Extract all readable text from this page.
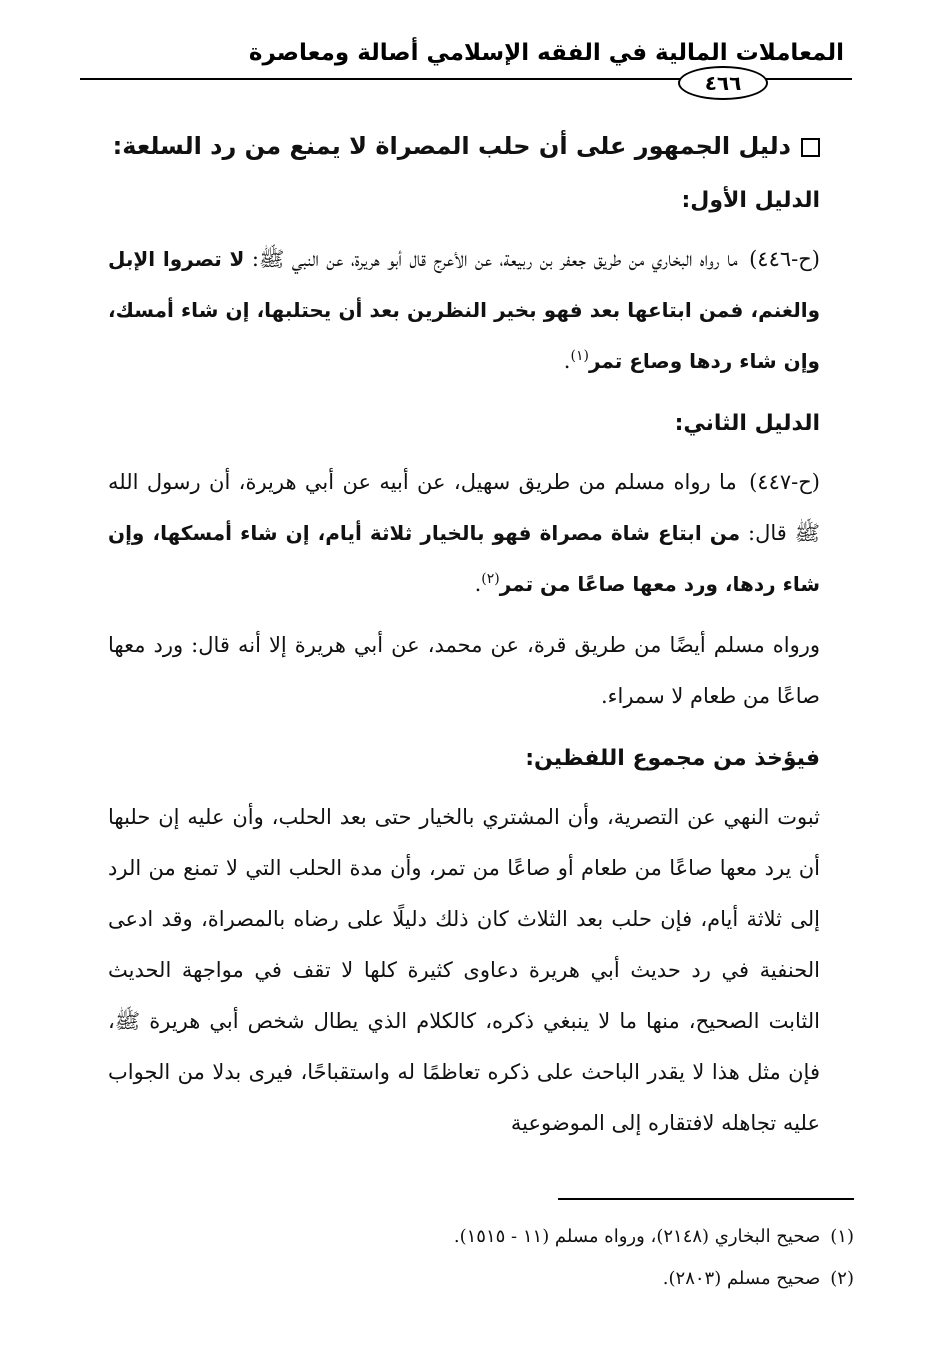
المعاملات المالية في الفقه الإسلامي أصالة ومعاصرة
٤٦٦

دليل الجمهور على أن حلب المصراة لا يمنع من رد السلعة:

الدليل الأول:

(ح-٤٤٦) ما رواه البخاري من طريق جعفر بن ربيعة، عن الأعرج قال أبو هريرة، عن النبي ﷺ: لا تصروا الإبل والغنم، فمن ابتاعها بعد فهو بخير النظرين بعد أن يحتلبها، إن شاء أمسك، وإن شاء ردها وصاع تمر$^{(١)}$.

الدليل الثاني:

(ح-٤٤٧) ما رواه مسلم من طريق سهيل، عن أبيه عن أبي هريرة، أن رسول الله ﷺ قال: من ابتاع شاة مصراة فهو بالخيار ثلاثة أيام، إن شاء أمسكها، وإن شاء ردها، ورد معها صاعًا من تمر$^{(٢)}$.

ورواه مسلم أيضًا من طريق قرة، عن محمد، عن أبي هريرة إلا أنه قال: ورد معها صاعًا من طعام لا سمراء.

فيؤخذ من مجموع اللفظين:

ثبوت النهي عن التصرية، وأن المشتري بالخيار حتى بعد الحلب، وأن عليه إن حلبها أن يرد معها صاعًا من طعام أو صاعًا من تمر، وأن مدة الحلب التي لا تمنع من الرد إلى ثلاثة أيام، فإن حلب بعد الثلاث كان ذلك دليلًا على رضاه بالمصراة، وقد ادعى الحنفية في رد حديث أبي هريرة دعاوى كثيرة كلها لا تقف في مواجهة الحديث الثابت الصحيح، منها ما لا ينبغي ذكره، كالكلام الذي يطال شخص أبي هريرة ﷺ، فإن مثل هذا لا يقدر الباحث على ذكره تعاظمًا له واستقباحًا، فيرى بدلا من الجواب عليه تجاهله لافتقاره إلى الموضوعية

(١)صحيح البخاري (٢١٤٨)، ورواه مسلم (١١ - ١٥١٥).
(٢)صحيح مسلم (٢٨٠٣).
